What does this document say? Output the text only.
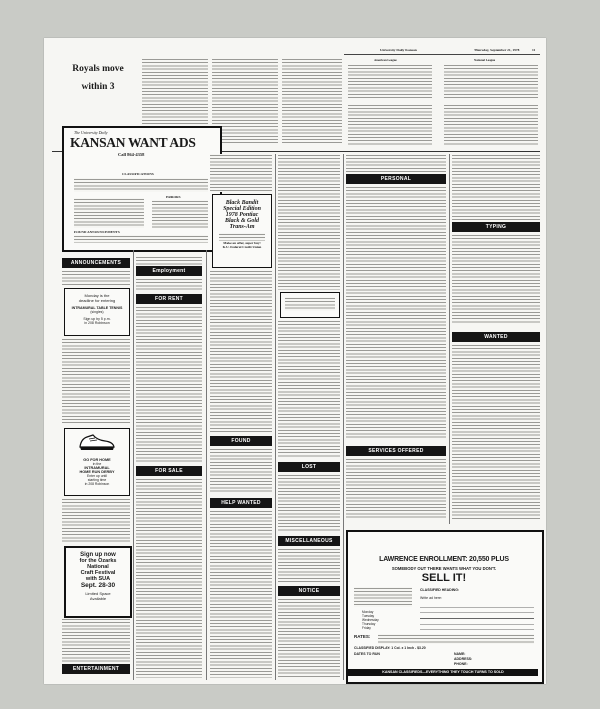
Royals move within 3
University Daily Kansan	Thursday, September 21, 1978	11
American League	National League
The University Daily
KANSAN WANT ADS
Call 864-4358
CLASSIFICATIONS
ERRORS
FOUND ANNOUNCEMENTS
ANNOUNCEMENTS
Monday is the
deadline for entering
INTRAMURAL TABLE TENNIS
(singles)
Sign up by 5 p.m.
in 208 Robinson
GO FOR HOME
in the
INTRAMURAL
HOME RUN DERBY
Enter up until
starting time
in 208 Robinson
Sign up now
for the Ozarks
National
Craft Festival
with SUA
Sept. 28-30
Limited Space
Available
ENTERTAINMENT
Employment
FOR RENT
FOR SALE
Black Bandit
Special Edition
1978 Pontiac
Black & Gold
Trans-Am
Make an offer, super buy!
K.U. Federal Credit Union
FOUND
HELP WANTED
LOST
MISCELLANEOUS
NOTICE
PERSONAL
SERVICES OFFERED
TYPING
WANTED
LAWRENCE ENROLLMENT: 20,550 PLUS
SOMEBODY OUT THERE WANTS WHAT YOU DON'T.
SELL IT!
Monday
Tuesday
Wednesday
Thursday
Friday
CLASSIFIED HEADING:
Write ad here:
RATES:
CLASSIFIED DISPLAY: 1 Col. x 1 Inch - $3.20
DATES TO RUN	NAME:
ADDRESS:
PHONE:
KANSAN CLASSIFIEDS—EVERYTHING THEY TOUCH TURNS TO SOLD
